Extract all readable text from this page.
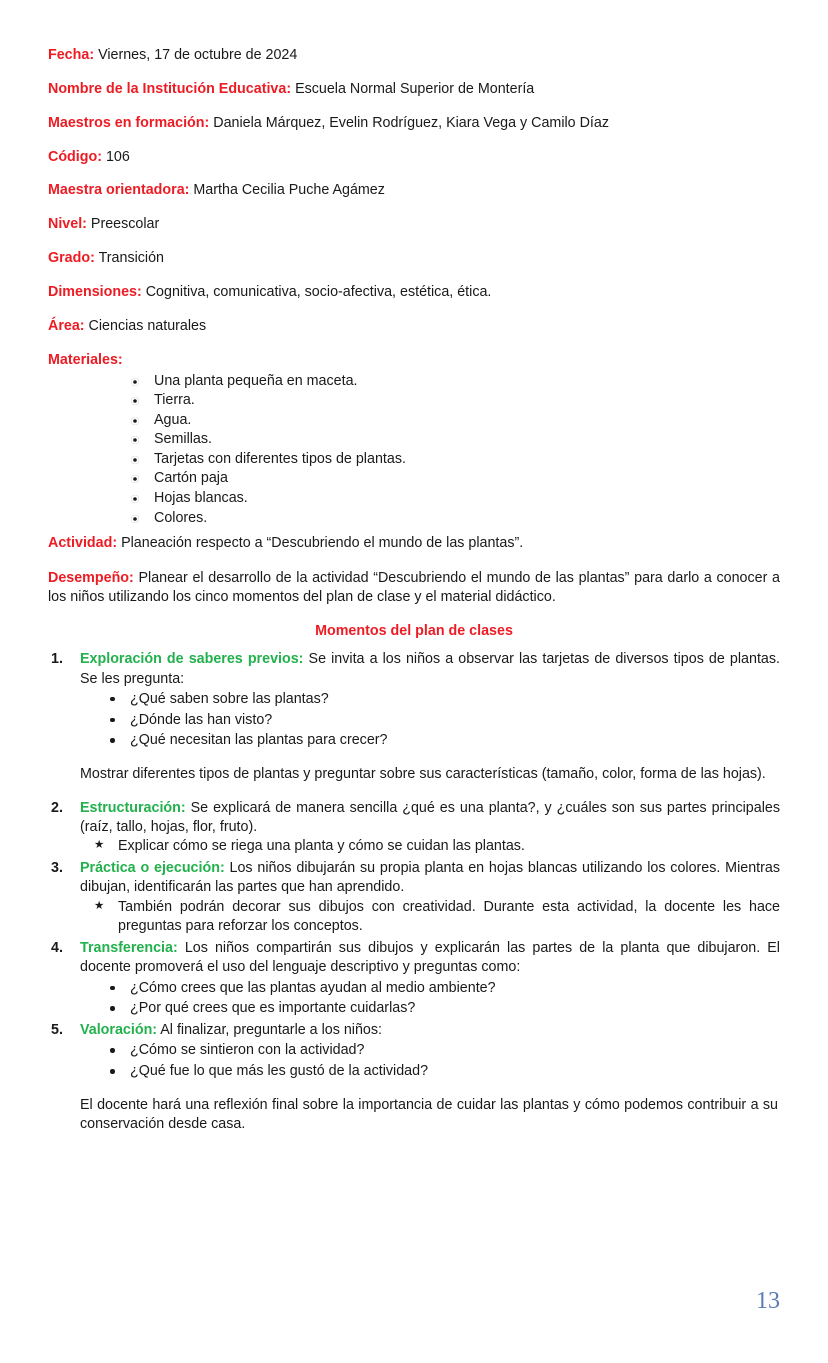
Fecha: Viernes, 17 de octubre de 2024

Nombre de la Institución Educativa: Escuela Normal Superior de Montería

Maestros en formación: Daniela Márquez, Evelin Rodríguez, Kiara Vega y Camilo Díaz

Código: 106

Maestra orientadora: Martha Cecilia Puche Agámez

Nivel: Preescolar

Grado: Transición

Dimensiones: Cognitiva, comunicativa, socio-afectiva, estética, ética.

Área: Ciencias naturales

Materiales:

Una planta pequeña en maceta.
Tierra.
Agua.
Semillas.
Tarjetas con diferentes tipos de plantas.
Cartón paja
Hojas blancas.
Colores.

Actividad: Planeación respecto a “Descubriendo el mundo de las plantas”.

Desempeño: Planear el desarrollo de la actividad “Descubriendo el mundo de las plantas” para darlo a conocer a los niños utilizando los cinco momentos del plan de clase y el material didáctico.

Momentos del plan de clases
Exploración de saberes previos: Se invita a los niños a observar las tarjetas de diversos tipos de plantas. Se les pregunta:
¿Qué saben sobre las plantas?
¿Dónde las han visto?
¿Qué necesitan las plantas para crecer?

Mostrar diferentes tipos de plantas y preguntar sobre sus características (tamaño, color, forma de las hojas).

Estructuración: Se explicará de manera sencilla ¿qué es una planta?, y ¿cuáles son sus partes principales (raíz, tallo, hojas, flor, fruto).
★ Explicar cómo se riega una planta y cómo se cuidan las plantas.
Práctica o ejecución: Los niños dibujarán su propia planta en hojas blancas utilizando los colores. Mientras dibujan, identificarán las partes que han aprendido.
★ También podrán decorar sus dibujos con creatividad. Durante esta actividad, la docente les hace preguntas para reforzar los conceptos.
Transferencia: Los niños compartirán sus dibujos y explicarán las partes de la planta que dibujaron. El docente promoverá el uso del lenguaje descriptivo y preguntas como:
¿Cómo crees que las plantas ayudan al medio ambiente?
¿Por qué crees que es importante cuidarlas?
Valoración: Al finalizar, preguntarle a los niños:
¿Cómo se sintieron con la actividad?
¿Qué fue lo que más les gustó de la actividad?

El docente hará una reflexión final sobre la importancia de cuidar las plantas y cómo podemos contribuir a su conservación desde casa.

13
